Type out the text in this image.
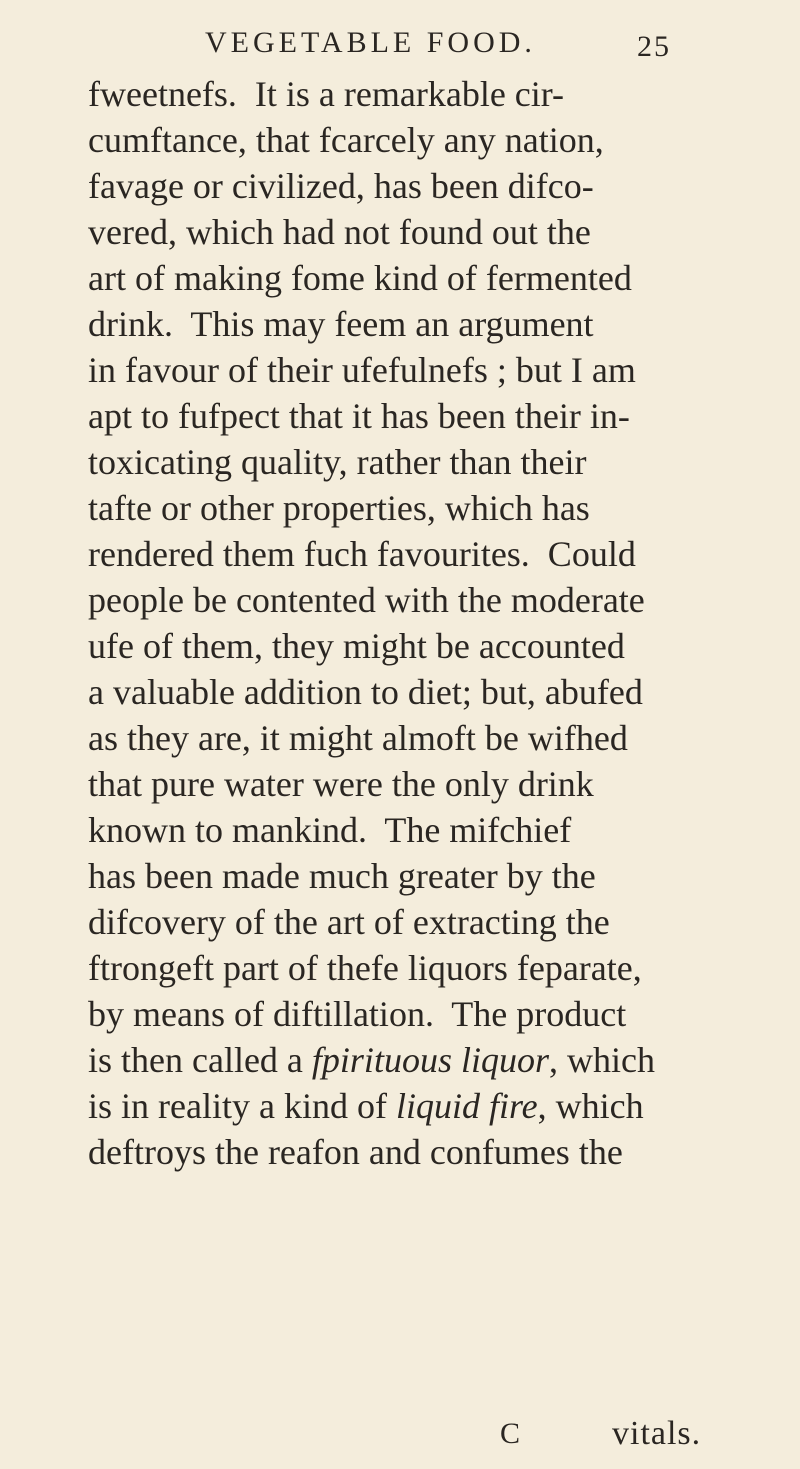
VEGETABLE FOOD.	25
fweetnefs.  It is a remarkable cir-
cumftance, that fcarcely any nation,
favage or civilized, has been difco-
vered, which had not found out the
art of making fome kind of fermented
drink.  This may feem an argument
in favour of their ufefulnefs ; but I am
apt to fufpect that it has been their in-
toxicating quality, rather than their
tafte or other properties, which has
rendered them fuch favourites.  Could
people be contented with the moderate
ufe of them, they might be accounted
a valuable addition to diet; but, abufed
as they are, it might almoft be wifhed
that pure water were the only drink
known to mankind.  The mifchief
has been made much greater by the
difcovery of the art of extracting the
ftrongeft part of thefe liquors feparate,
by means of diftillation.  The product
is then called a fpirituous liquor, which
is in reality a kind of liquid fire, which
deftroys the reafon and confumes the
C	vitals.
